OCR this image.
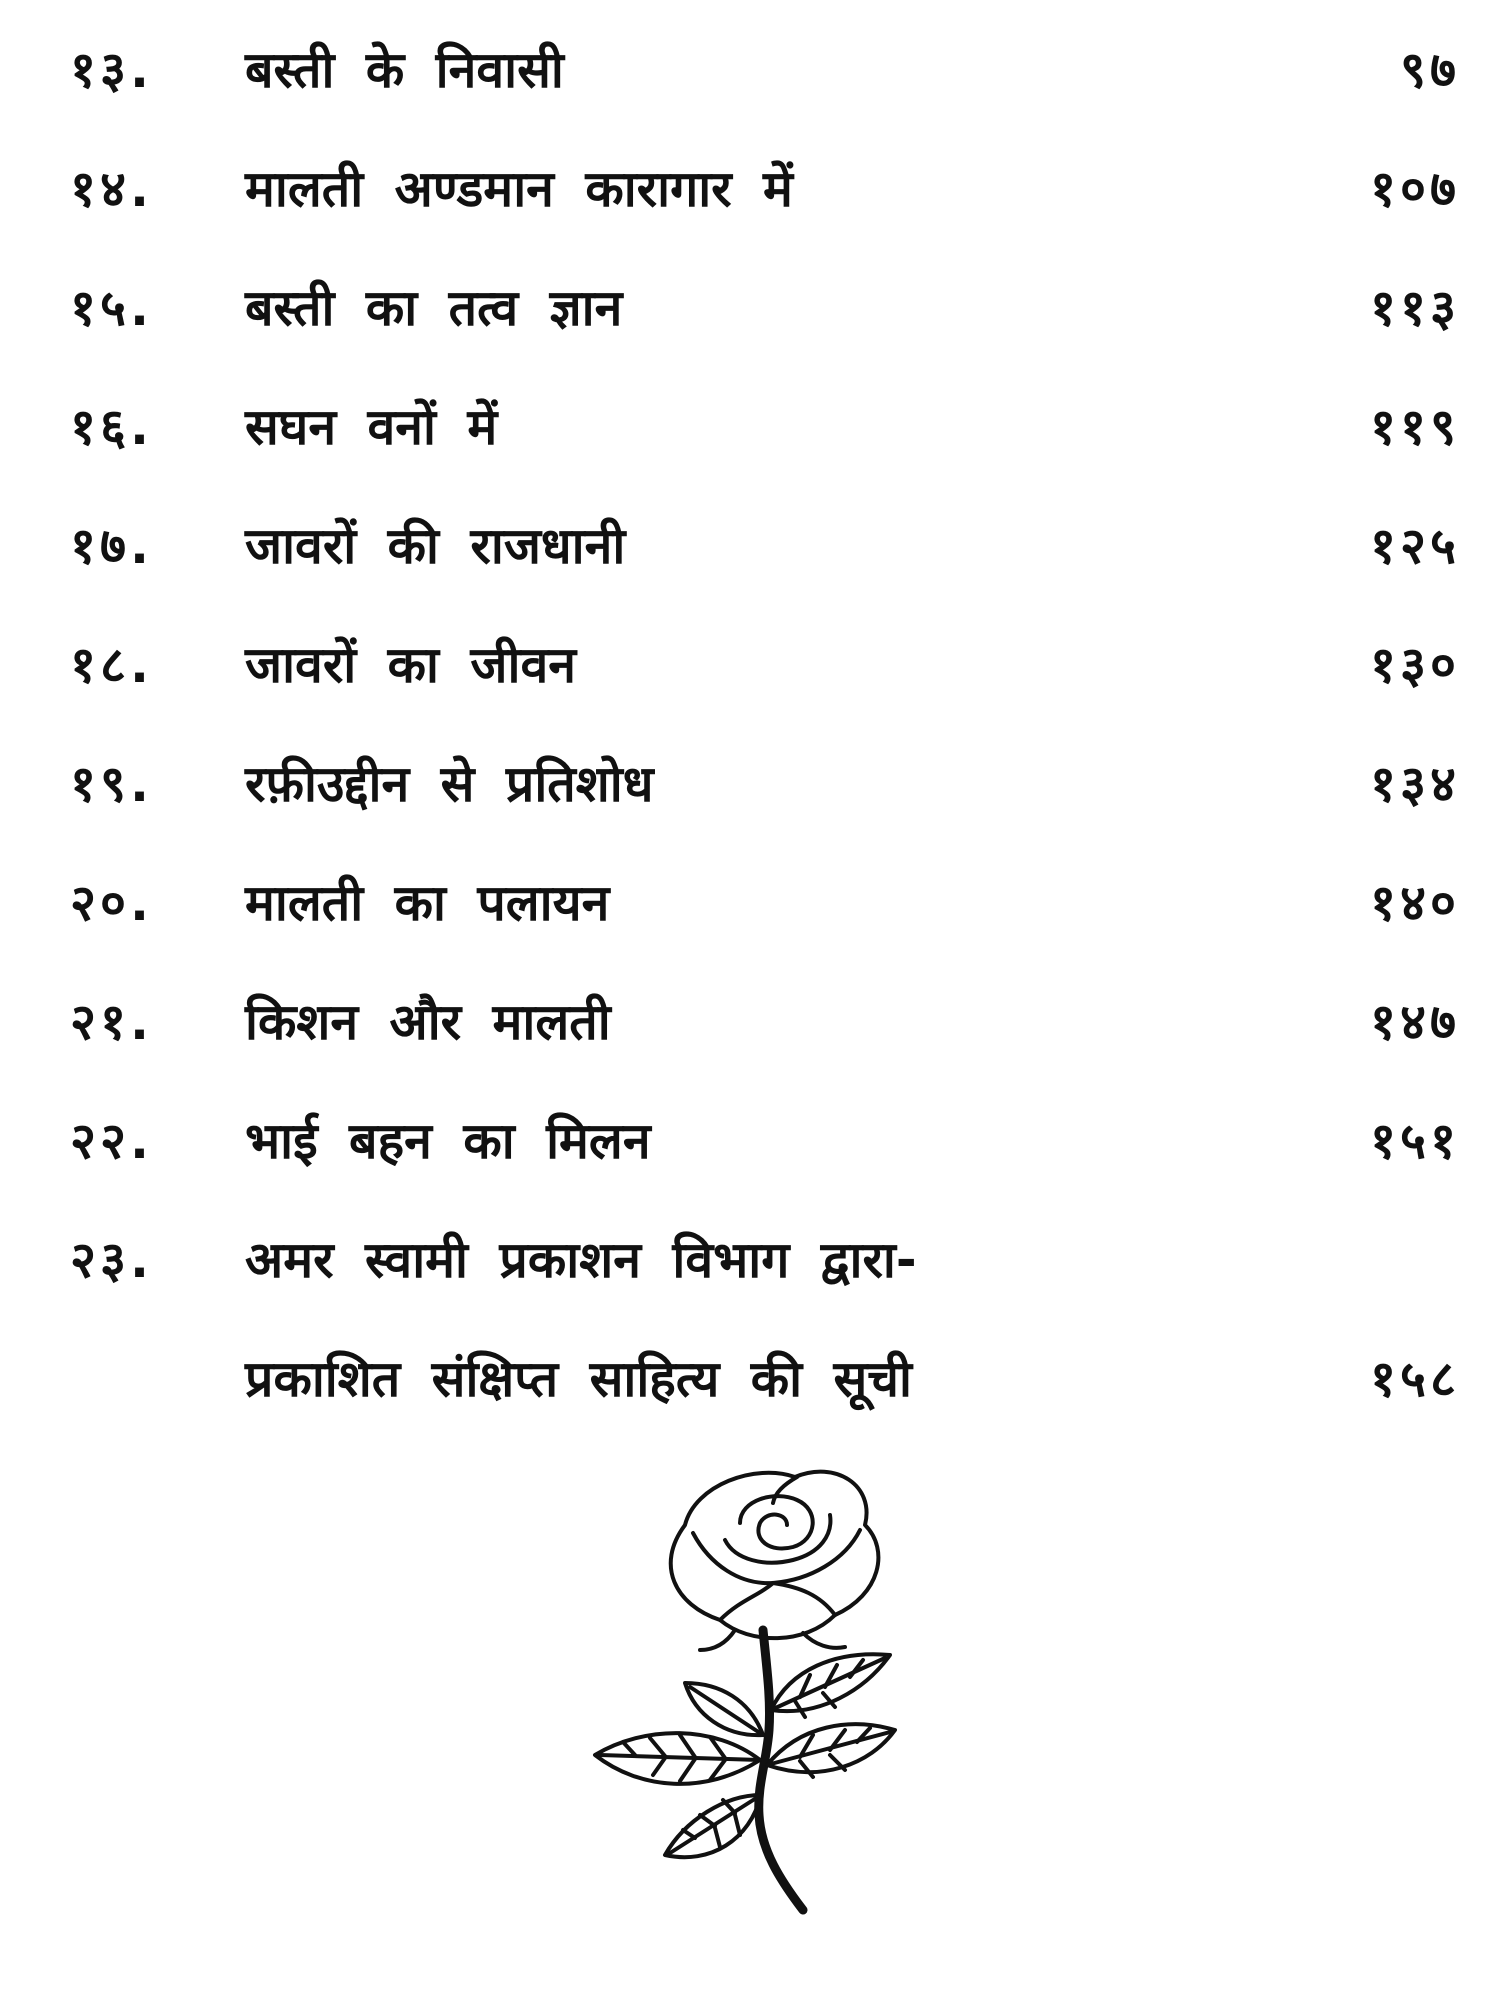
१३. बस्ती के निवासी	९७
१४. मालती अण्डमान कारागार में	१०७
१५. बस्ती का तत्व ज्ञान	११३
१६. सघन वनों में	११९
१७. जावरों की राजधानी	१२५
१८. जावरों का जीवन	१३०
१९. रफ़ीउद्दीन से प्रतिशोध	१३४
२०. मालती का पलायन	१४०
२१. किशन और मालती	१४७
२२. भाई बहन का मिलन	१५१
२३. अमर स्वामी प्रकाशन विभाग द्वारा-
प्रकाशित संक्षिप्त साहित्य की सूची	१५८
